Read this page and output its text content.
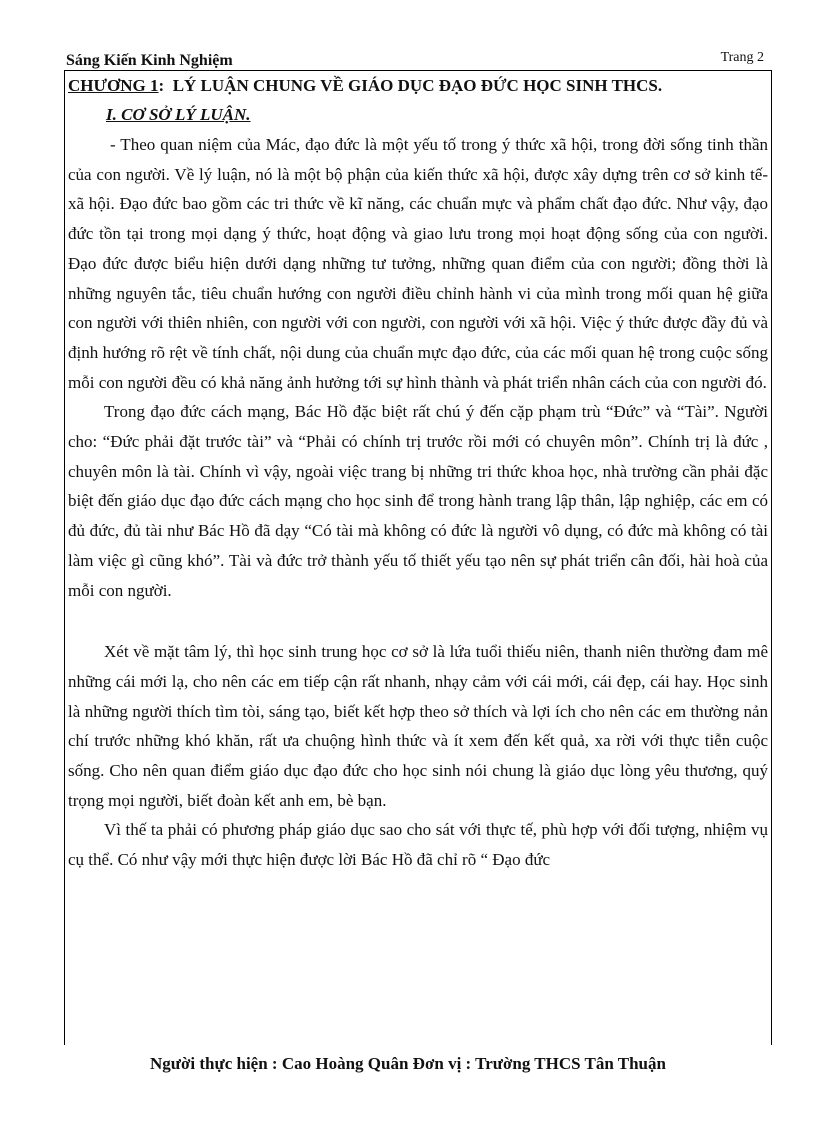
Sáng Kiến Kinh Nghiệm	Trang 2
CHƯƠNG 1:  LÝ LUẬN CHUNG VỀ GIÁO DỤC ĐẠO ĐỨC HỌC SINH THCS.
I. CƠ SỞ LÝ LUẬN.

- Theo quan niệm của Mác, đạo đức là một yếu tố trong ý thức xã hội, trong đời sống tinh thần của con người. Về lý luận, nó là một bộ phận của kiến thức xã hội, được xây dựng trên cơ sở kinh tế- xã hội. Đạo đức bao gồm các tri thức về kĩ năng, các chuẩn mực và phẩm chất đạo đức. Như vậy, đạo đức tồn tại trong mọi dạng ý thức, hoạt động và giao lưu trong mọi hoạt động sống của con người. Đạo đức được biểu hiện dưới dạng những tư tưởng, những quan điểm của con người; đồng thời là những nguyên tắc, tiêu chuẩn hướng con người điều chỉnh hành vi của mình trong mối quan hệ giữa con người với thiên nhiên, con người với con người, con người với xã hội. Việc ý thức được đầy đủ và định hướng rõ rệt về tính chất, nội dung của chuẩn mực đạo đức, của các mối quan hệ trong cuộc sống mỗi con người đều có khả năng ảnh hưởng tới sự hình thành và phát triển nhân cách của con người đó.

Trong đạo đức cách mạng, Bác Hồ đặc biệt rất chú ý đến cặp phạm trù “Đức” và “Tài”. Người cho: “Đức phải đặt trước tài” và “Phải có chính trị trước rồi mới có chuyên môn”. Chính trị là đức , chuyên môn là tài. Chính vì vậy, ngoài việc trang bị những tri thức khoa học, nhà trường cần phải đặc biệt đến giáo dục đạo đức cách mạng cho học sinh để trong hành trang lập thân, lập nghiệp, các em có đủ đức, đủ tài như Bác Hồ đã dạy “Có tài mà không có đức là người vô dụng, có đức mà không có tài làm việc gì cũng khó”. Tài và đức trở thành yếu tố thiết yếu tạo nên sự phát triển cân đối, hài hoà của mỗi con người.

Xét về mặt tâm lý, thì học sinh trung học cơ sở là lứa tuổi thiếu niên, thanh niên thường đam mê những cái mới lạ, cho nên các em tiếp cận rất nhanh, nhạy cảm với cái mới, cái đẹp, cái hay. Học sinh là những người thích tìm tòi, sáng tạo, biết kết hợp theo sở thích và lợi ích cho nên các em thường nản chí trước những khó khăn, rất ưa chuộng hình thức và ít xem đến kết quả, xa rời với thực tiễn cuộc sống. Cho nên quan điểm giáo dục đạo đức cho học sinh nói chung là giáo dục lòng yêu thương, quý trọng mọi người, biết đoàn kết anh em, bè bạn.

Vì thế ta phải có phương pháp giáo dục sao cho sát với thực tế, phù hợp với đối tượng, nhiệm vụ cụ thể. Có như vậy mới thực hiện được lời Bác Hồ đã chỉ rõ “ Đạo đức

Người thực hiện : Cao Hoàng Quân Đơn vị : Trường THCS Tân Thuận
